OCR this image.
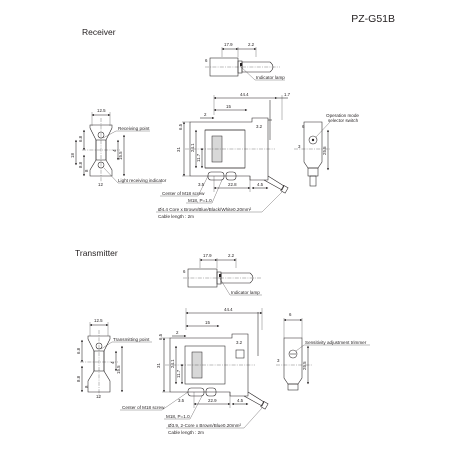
PZ-G51B
Receiver
17.9	2.2
6
Indicator lamp
44.4	1.7
15
2
6.5
31 24.1
11.7
3.2
22.8
3.5	4.5
Center of M18 screw
M18, P=1.0
Ø4.4 Core x Brown/Blue/Black/White0.20mm²
Cable length : 2m
12.5
Receiving point
Light receiving indicator
6.8
18
8.8
4
15.5
12
8
Operation mode
selector switch
3	25.5
6
Transmitter	17.9	2.2
6
Indicator lamp
44.4
15
2
6.5
31 24.1
11.7
3.2
22.9
3.5	4.5
Center of M18 screw
M18, P=1.0
Ø3.9, 2-Core x Brown/Blue0.20mm²
Cable length : 2m
12.5
Transmitting point
6.8
8.8
4
15.5
12
8
Sensitivity adjustment trimmer
3
25.5
6
